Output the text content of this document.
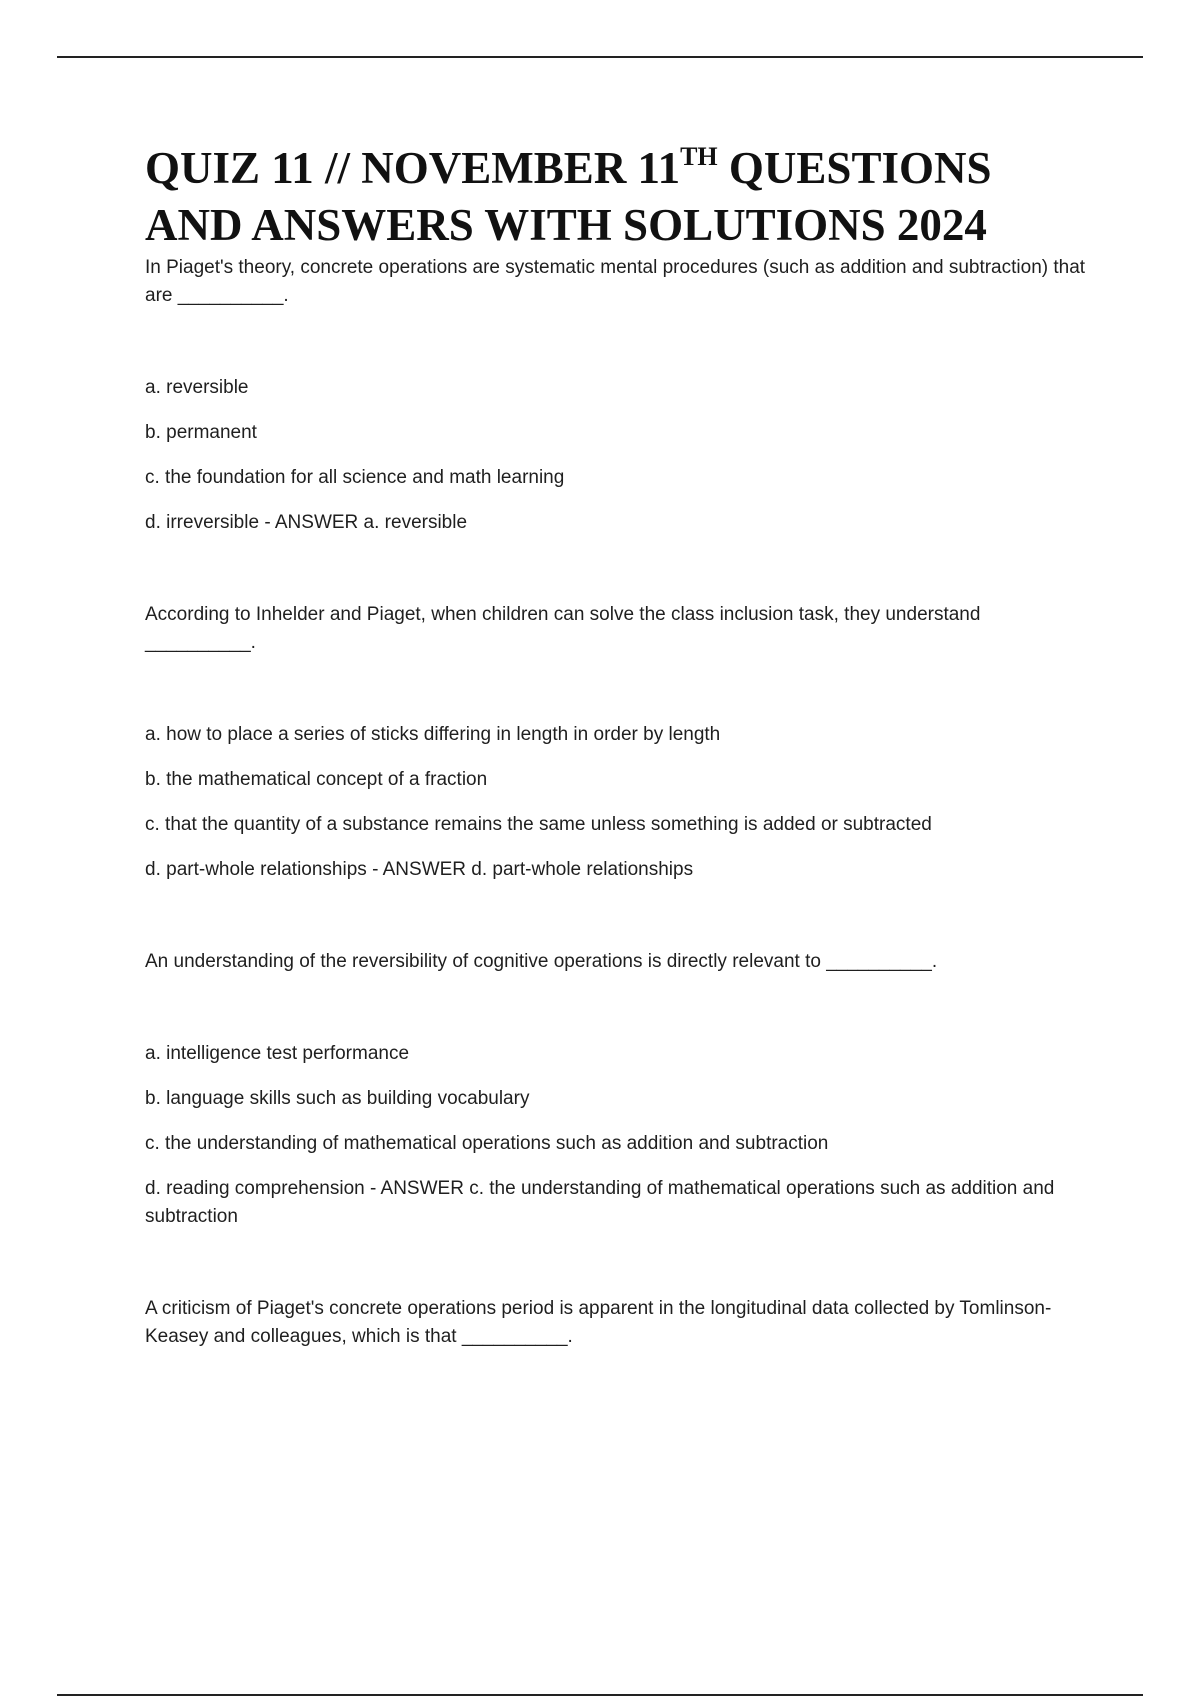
QUIZ 11 // NOVEMBER 11TH QUESTIONS AND ANSWERS WITH SOLUTIONS 2024

In Piaget's theory, concrete operations are systematic mental procedures (such as addition and subtraction) that are __________.

a. reversible
b. permanent
c. the foundation for all science and math learning
d. irreversible - ANSWER a. reversible

According to Inhelder and Piaget, when children can solve the class inclusion task, they understand __________.

a. how to place a series of sticks differing in length in order by length
b. the mathematical concept of a fraction
c. that the quantity of a substance remains the same unless something is added or subtracted
d. part-whole relationships - ANSWER d. part-whole relationships

An understanding of the reversibility of cognitive operations is directly relevant to __________.

a. intelligence test performance
b. language skills such as building vocabulary
c. the understanding of mathematical operations such as addition and subtraction
d. reading comprehension - ANSWER c. the understanding of mathematical operations such as addition and subtraction

A criticism of Piaget's concrete operations period is apparent in the longitudinal data collected by Tomlinson-Keasey and colleagues, which is that __________.
